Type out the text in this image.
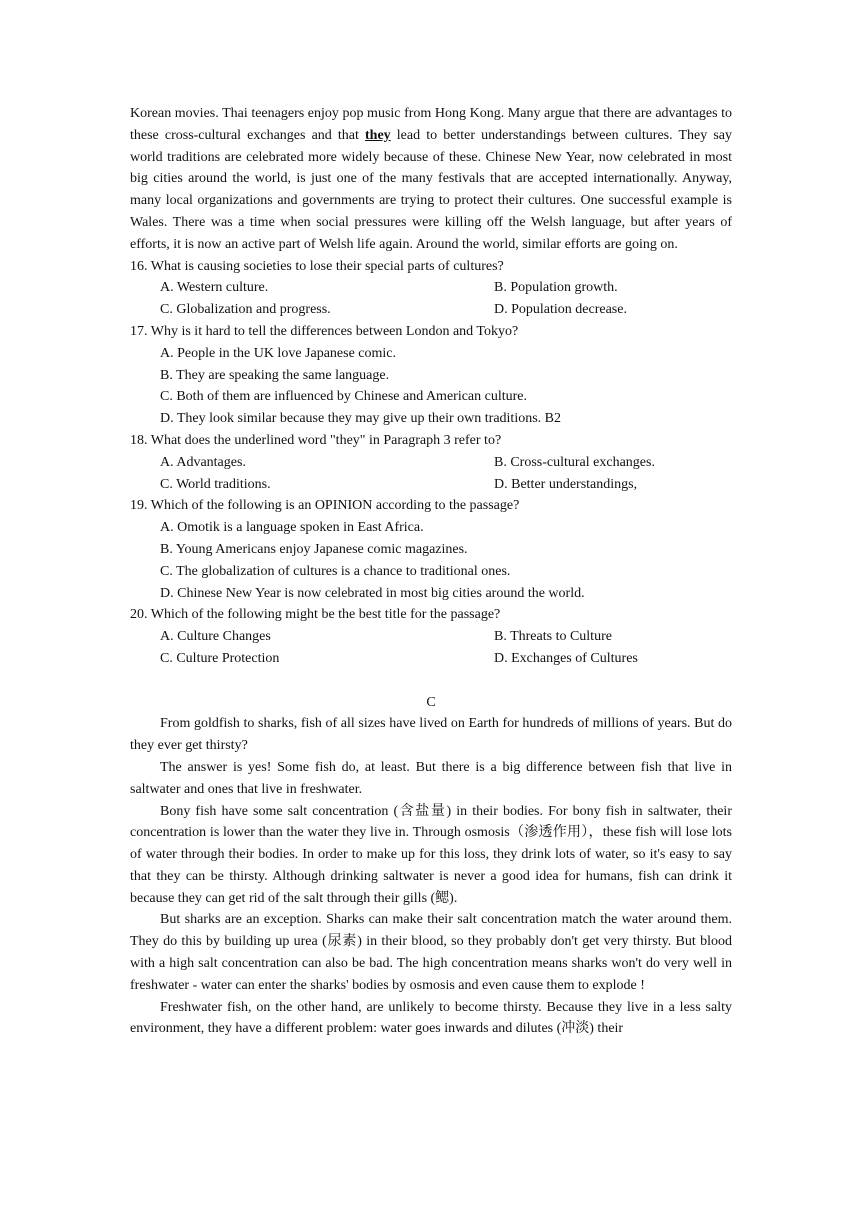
Korean movies. Thai teenagers enjoy pop music from Hong Kong. Many argue that there are advantages to these cross-cultural exchanges and that they lead to better understandings between cultures. They say world traditions are celebrated more widely because of these. Chinese New Year, now celebrated in most big cities around the world, is just one of the many festivals that are accepted internationally. Anyway, many local organizations and governments are trying to protect their cultures. One successful example is Wales. There was a time when social pressures were killing off the Welsh language, but after years of efforts, it is now an active part of Welsh life again. Around the world, similar efforts are going on.

16. What is causing societies to lose their special parts of cultures?

A. Western culture.	B. Population growth.
C. Globalization and progress.	D. Population decrease.

17. Why is it hard to tell the differences between London and Tokyo?

A. People in the UK love Japanese comic.
B. They are speaking the same language.
C. Both of them are influenced by Chinese and American culture.
D. They look similar because they may give up their own traditions. B2

18. What does the underlined word "they" in Paragraph 3 refer to?

A. Advantages.	B. Cross-cultural exchanges.
C. World traditions.	D. Better understandings,

19. Which of the following is an OPINION according to the passage?

A. Omotik is a language spoken in East Africa.
B. Young Americans enjoy Japanese comic magazines.
C. The globalization of cultures is a chance to traditional ones.
D. Chinese New Year is now celebrated in most big cities around the world.

20. Which of the following might be the best title for the passage?

A. Culture Changes	B. Threats to Culture
C. Culture Protection	D. Exchanges of Cultures
C

From goldfish to sharks, fish of all sizes have lived on Earth for hundreds of millions of years. But do they ever get thirsty?

The answer is yes! Some fish do, at least. But there is a big difference between fish that live in saltwater and ones that live in freshwater.

Bony fish have some salt concentration (含盐量) in their bodies. For bony fish in saltwater, their concentration is lower than the water they live in. Through osmosis（渗透作用），these fish will lose lots of water through their bodies. In order to make up for this loss, they drink lots of water, so it's easy to say that they can be thirsty. Although drinking saltwater is never a good idea for humans, fish can drink it because they can get rid of the salt through their gills (鳃).

But sharks are an exception. Sharks can make their salt concentration match the water around them. They do this by building up urea (尿素) in their blood, so they probably don't get very thirsty. But blood with a high salt concentration can also be bad. The high concentration means sharks won't do very well in freshwater - water can enter the sharks' bodies by osmosis and even cause them to explode !

Freshwater fish, on the other hand, are unlikely to become thirsty. Because they live in a less salty environment, they have a different problem: water goes inwards and dilutes (冲淡) their
